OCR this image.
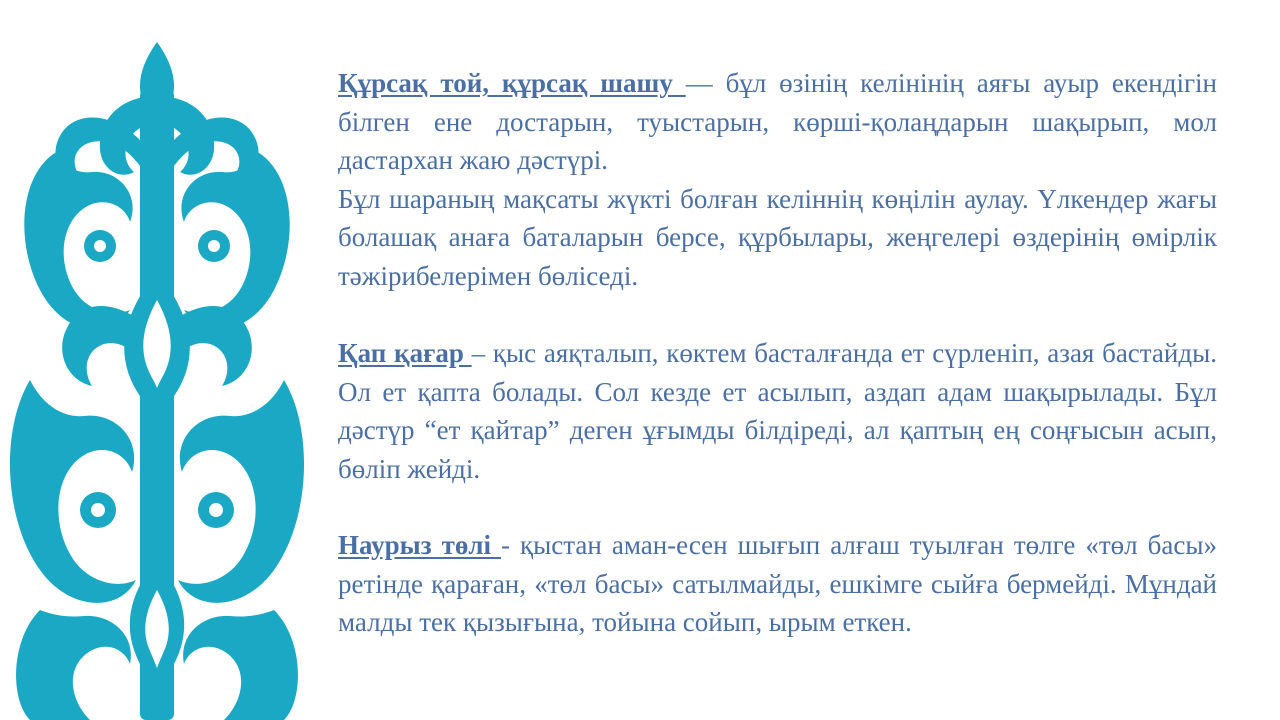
Құрсақ той, құрсақ шашу — бұл өзінің келінінің аяғы ауыр екендігін білген ене достарын, туыстарын, көрші-қолаңдарын шақырып, мол дастархан жаю дәстүрі.

Бұл шараның мақсаты жүкті болған келіннің көңілін аулау. Үлкендер жағы болашақ анаға баталарын берсе, құрбылары, жеңгелері өздерінің өмірлік тәжірибелерімен бөліседі.

Қап қағар – қыс аяқталып, көктем басталғанда ет сүрленіп, азая бастайды. Ол ет қапта болады. Сол кезде ет асылып, аздап адам шақырылады. Бұл дәстүр “ет қайтар” деген ұғымды білдіреді, ал қаптың ең соңғысын асып, бөліп жейді.

Наурыз төлі - қыстан аман-есен шығып алғаш туылған төлге «төл басы» ретінде қараған, «төл басы» сатылмайды, ешкімге сыйға бермейді. Мұндай малды тек қызығына, тойына сойып, ырым еткен.
